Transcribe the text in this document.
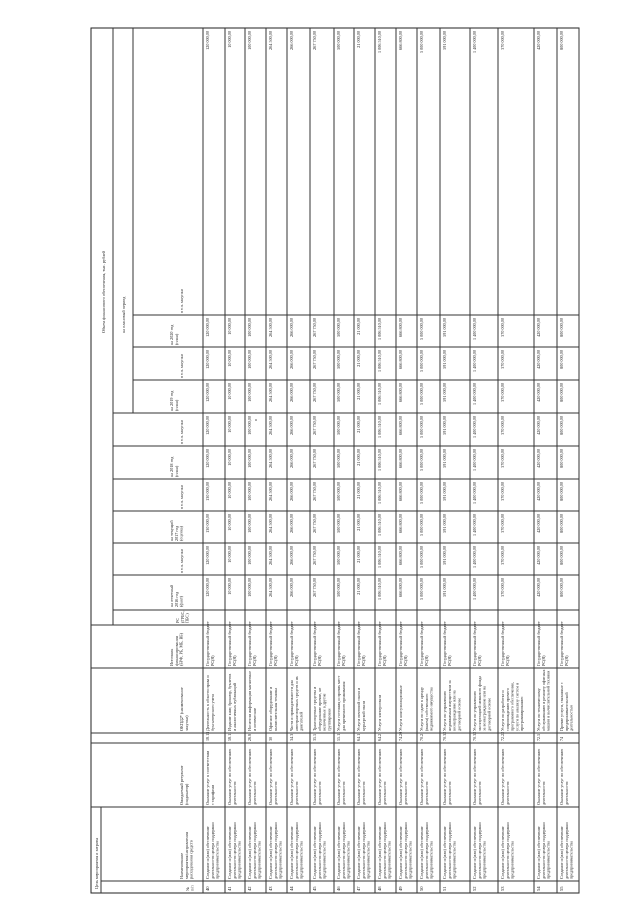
№п/п
Цель мероприятия и затраты	Наименованиемероприятия/направлениярасходования средств
Ожидаемый результат(индикатор)
ОКПД2* (наименованиезакупки)
Источникфинансирования(БРФ, РБ, МБ, ВБ)
РС(ГРБС,ПБС)
Объем финансового обеспечения, тыс. рублей
на отчетный2016 год(факт)
в т.ч. закупки
на текущий2017 год(оценка)
в т.ч. закупки
на 2018 год(план)
в т.ч. закупки
на плановый период
на 2019 год(план)
в т.ч. закупки
на 2020 год(план)
в т.ч. закупки
40
Создание и (или) обеспечениедеятельности центра поддержкипредпринимательства
Оказание услуг в соответствиис тарифами
18.13
Деятельность в области права ибухгалтерского учета
Государственный бюджетРС(Я)
120 000,00
120 000,00
130 000,00
130 000,00
120 000,00
120 000,00
120 000,00
120 000,00
120 000,00
120 000,00
41
Создание и (или) обеспечениедеятельности центра поддержкипредпринимательства
Оказание услуг по обеспечениюдеятельности
58.11
Издание книг, брошюр, буклетови аналогичных публикаций
Государственный бюджетРС(Я)
10 000,00
10 000,00
10 000,00
10 000,00
10 000,00
10 000,00
10 000,00
10 000,00
10 000,00
10 000,00
42
Создание и (или) обеспечениедеятельности центра поддержкипредпринимательства
Оказание услуг по обеспечениюдеятельности
26.8
Носители информации магнитныеи оптические
Государственный бюджетРС(Я)
100 000,00
100 000,00
100 000,00
100 000,00
100 000,00
100 000,00
100 000,00
100 000,00
100 000,00
100 000,00
43
Создание и (или) обеспечениедеятельности центра поддержкипредпринимательства
Оказание услуг по обеспечениюдеятельности
30
Офисное оборудование ивычислительная техника
Государственный бюджетРС(Я)
264 500,00
264 500,00
264 500,00
264 500,00
264 500,00
264 500,00
264 500,00
264 500,00
264 500,00
264 500,00
44
Создание и (или) обеспечениедеятельности центра поддержкипредпринимательства
Оказание услуг по обеспечениюдеятельности
34.3
Части и принадлежности дляавтотранспортных средств и ихдвигателей
Государственный бюджетРС(Я)
266 000,00
266 000,00
266 000,00
266 000,00
266 000,00
266 000,00
266 000,00
266 000,00
266 000,00
266 000,00
45
Создание и (или) обеспечениедеятельности центра поддержкипредпринимательства
Оказание услуг по обеспечениюдеятельности
35.5
Транспортные средства иоборудование прочие, невключенные в другиегруппировки
Государственный бюджетРС(Я)
267 750,00
267 750,00
267 750,00
267 750,00
267 750,00
267 750,00
267 750,00
267 750,00
267 750,00
267 750,00
46
Создание и (или) обеспечениедеятельности центра поддержкипредпринимательства
Оказание услуг по обеспечениюдеятельности
55.11
Услуги гостиниц и прочих местдля временного проживания
Государственный бюджетРС(Я)
500 000,00
500 000,00
500 000,00
500 000,00
500 000,00
500 000,00
500 000,00
500 000,00
500 000,00
500 000,00
47
Создание и (или) обеспечениедеятельности центра поддержкипредпринимательства
Оказание услуг по обеспечениюдеятельности
64.1
Услуги почтовой связи икурьерской связи
Государственный бюджетРС(Я)
21 000,00
21 000,00
21 000,00
21 000,00
21 000,00
21 000,00
21 000,00
21 000,00
21 000,00
21 000,00
48
Создание и (или) обеспечениедеятельности центра поддержкипредпринимательства
Оказание услуг по обеспечениюдеятельности
64.2
Услуги электросвязи
Государственный бюджетРС(Я)
1 006 510,00
1 006 510,00
1 006 510,00
1 006 510,00
1 006 510,00
1 006 510,00
1 006 510,00
1 006 510,00
1 006 510,00
1 006 510,00
49
Создание и (или) обеспечениедеятельности центра поддержкипредпринимательства
Оказание услуг по обеспечениюдеятельности
74.20
Услуги консультационные
Государственный бюджетРС(Я)
666 800,00
666 800,00
666 800,00
666 800,00
666 800,00
666 800,00
666 800,00
666 800,00
666 800,00
666 800,00
50
Создание и (или) обеспечениедеятельности центра поддержкипредпринимательства
Оказание услуг по обеспечениюдеятельности
70.2
Услуги по сдаче в аренду(внаем) собственногонедвижимого имущества
Государственный бюджетРС(Я)
5 000 000,00
5 000 000,00
5 000 000,00
5 000 000,00
5 000 000,00
5 000 000,00
5 000 000,00
5 000 000,00
5 000 000,00
5 000 000,00
51
Создание и (или) обеспечениедеятельности центра поддержкипредпринимательства
Оказание услуг по обеспечениюдеятельности
70.32
Услуги по управлениюнедвижимым имуществом завознаграждение или надоговорной основе
Государственный бюджетРС(Я)
591 000,00
591 000,00
591 000,00
591 000,00
591 000,00
591 000,00
591 000,00
591 000,00
591 000,00
591 000,00
52
Создание и (или) обеспечениедеятельности центра поддержкипредпринимательства
Оказание услуг по обеспечениюдеятельности
70.32
Услуги по управлениюэксплуатацией нежилого фондаза вознаграждение или надоговорной основе
Государственный бюджетРС(Я)
1 400 000,00
1 400 000,00
1 400 000,00
1 400 000,00
1 400 000,00
1 400 000,00
1 400 000,00
1 400 000,00
1 400 000,00
1 400 000,00
53
Создание и (или) обеспечениедеятельности центра поддержкипредпринимательства
Оказание услуг по обеспечениюдеятельности
72.22
Услуги по разработке исопровождению прочегопрограммного обеспечения,услуги по анализу систем ипрограммированию
Государственный бюджетРС(Я)
370 000,00
370 000,00
370 000,00
370 000,00
370 000,00
370 000,00
370 000,00
370 000,00
370 000,00
370 000,00
54
Создание и (или) обеспечениедеятельности центра поддержкипредпринимательства
Оказание услуг по обеспечениюдеятельности
72.5
Услуги по техническомуобслуживанию и ремонту офисныхмашин и вычислительной техники
Государственный бюджетРС(Я)
420 000,00
420 000,00
420 000,00
420 000,00
420 000,00
420 000,00
420 000,00
420 000,00
420 000,00
420 000,00
55
Создание и (или) обеспечениедеятельности центра поддержкипредпринимательства
Оказание услуг по обеспечениюдеятельности
74
Прочие услуги, связанные спредпринимательскойдеятельностью
Государственный бюджетРС(Я)
800 000,00
800 000,00
800 000,00
800 000,00
800 000,00
800 000,00
800 000,00
800 000,00
800 000,00
800 000,00
